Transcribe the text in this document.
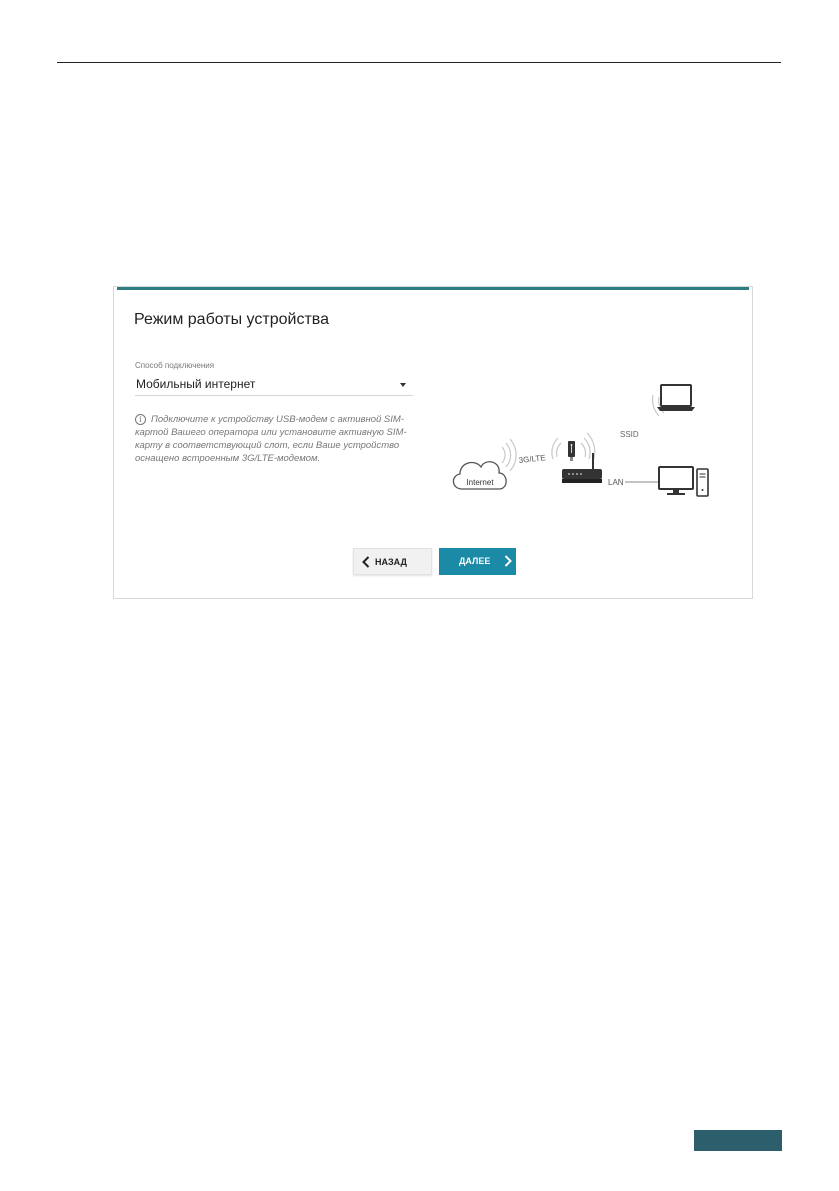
Режим работы устройства
Способ подключения
Мобильный интернет
i Подключите к устройству USB-модем с активной SIM-картой Вашего оператора или установите активную SIM-карту в соответствующий слот, если Ваше устройство оснащено встроенным 3G/LTE-модемом.
Internet
3G/LTE
SSID
LAN
НАЗАД	ДАЛЕЕ
